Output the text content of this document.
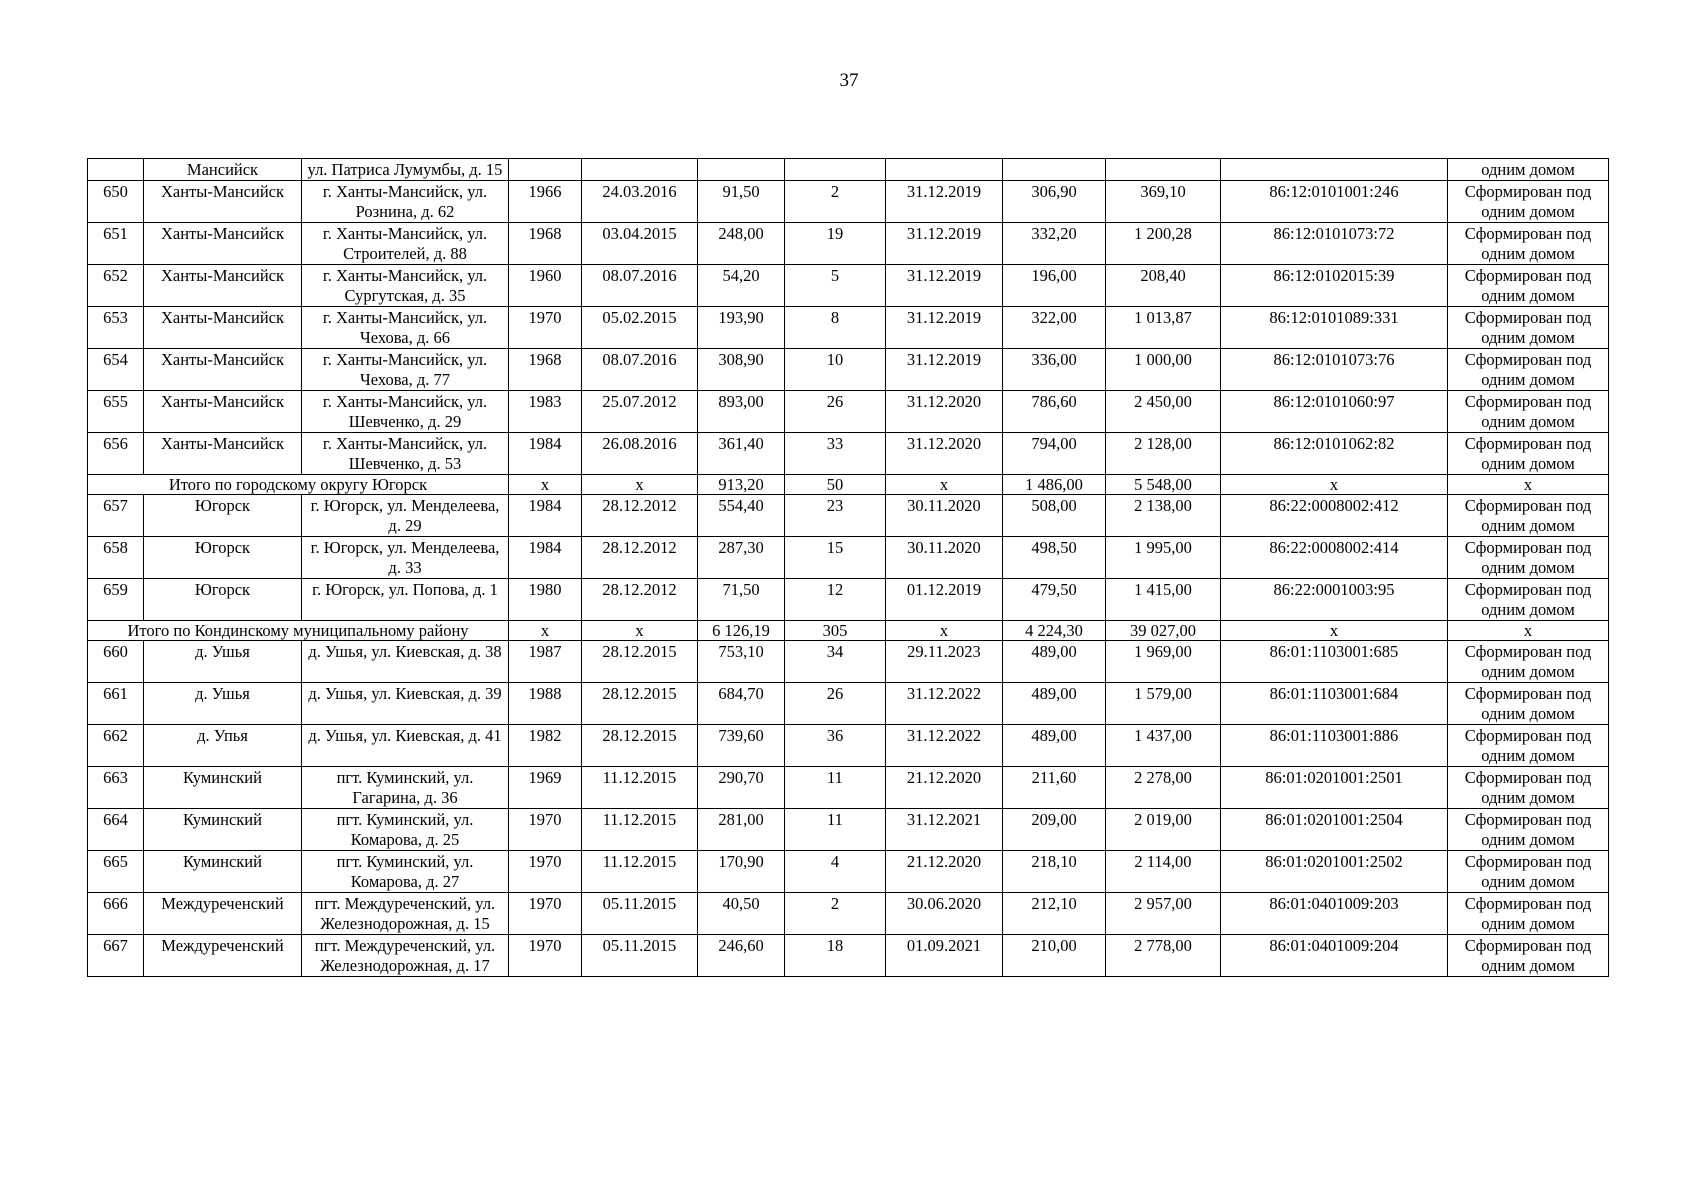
37
	Мансийск	ул. Патриса Лумумбы, д. 15									одним домом
650	Ханты-Мансийск	г. Ханты-Мансийск, ул. Рознина, д. 62	1966	24.03.2016	91,50	2	31.12.2019	306,90	369,10	86:12:0101001:246	Сформирован под одним домом
651	Ханты-Мансийск	г. Ханты-Мансийск, ул. Строителей, д. 88	1968	03.04.2015	248,00	19	31.12.2019	332,20	1 200,28	86:12:0101073:72	Сформирован под одним домом
652	Ханты-Мансийск	г. Ханты-Мансийск, ул. Сургутская, д. 35	1960	08.07.2016	54,20	5	31.12.2019	196,00	208,40	86:12:0102015:39	Сформирован под одним домом
653	Ханты-Мансийск	г. Ханты-Мансийск, ул. Чехова, д. 66	1970	05.02.2015	193,90	8	31.12.2019	322,00	1 013,87	86:12:0101089:331	Сформирован под одним домом
654	Ханты-Мансийск	г. Ханты-Мансийск, ул. Чехова, д. 77	1968	08.07.2016	308,90	10	31.12.2019	336,00	1 000,00	86:12:0101073:76	Сформирован под одним домом
655	Ханты-Мансийск	г. Ханты-Мансийск, ул. Шевченко, д. 29	1983	25.07.2012	893,00	26	31.12.2020	786,60	2 450,00	86:12:0101060:97	Сформирован под одним домом
656	Ханты-Мансийск	г. Ханты-Мансийск, ул. Шевченко, д. 53	1984	26.08.2016	361,40	33	31.12.2020	794,00	2 128,00	86:12:0101062:82	Сформирован под одним домом
Итого по городскому округу Югорск			х	х	913,20	50	х	1 486,00	5 548,00	х	х
657	Югорск	г. Югорск, ул. Менделеева, д. 29	1984	28.12.2012	554,40	23	30.11.2020	508,00	2 138,00	86:22:0008002:412	Сформирован под одним домом
658	Югорск	г. Югорск, ул. Менделеева, д. 33	1984	28.12.2012	287,30	15	30.11.2020	498,50	1 995,00	86:22:0008002:414	Сформирован под одним домом
659	Югорск	г. Югорск, ул. Попова, д. 1	1980	28.12.2012	71,50	12	01.12.2019	479,50	1 415,00	86:22:0001003:95	Сформирован под одним домом
Итого по Кондинскому муниципальному району			х	х	6 126,19	305	х	4 224,30	39 027,00	х	х
660	д. Ушья	д. Ушья, ул. Киевская, д. 38	1987	28.12.2015	753,10	34	29.11.2023	489,00	1 969,00	86:01:1103001:685	Сформирован под одним домом
661	д. Ушья	д. Ушья, ул. Киевская, д. 39	1988	28.12.2015	684,70	26	31.12.2022	489,00	1 579,00	86:01:1103001:684	Сформирован под одним домом
662	д. Упья	д. Ушья, ул. Киевская, д. 41	1982	28.12.2015	739,60	36	31.12.2022	489,00	1 437,00	86:01:1103001:886	Сформирован под одним домом
663	Куминский	пгт. Куминский, ул. Гагарина, д. 36	1969	11.12.2015	290,70	11	21.12.2020	211,60	2 278,00	86:01:0201001:2501	Сформирован под одним домом
664	Куминский	пгт. Куминский, ул. Комарова, д. 25	1970	11.12.2015	281,00	11	31.12.2021	209,00	2 019,00	86:01:0201001:2504	Сформирован под одним домом
665	Куминский	пгт. Куминский, ул. Комарова, д. 27	1970	11.12.2015	170,90	4	21.12.2020	218,10	2 114,00	86:01:0201001:2502	Сформирован под одним домом
666	Междуреченский	пгт. Междуреченский, ул. Железнодорожная, д. 15	1970	05.11.2015	40,50	2	30.06.2020	212,10	2 957,00	86:01:0401009:203	Сформирован под одним домом
667	Междуреченский	пгт. Междуреченский, ул. Железнодорожная, д. 17	1970	05.11.2015	246,60	18	01.09.2021	210,00	2 778,00	86:01:0401009:204	Сформирован под одним домом
